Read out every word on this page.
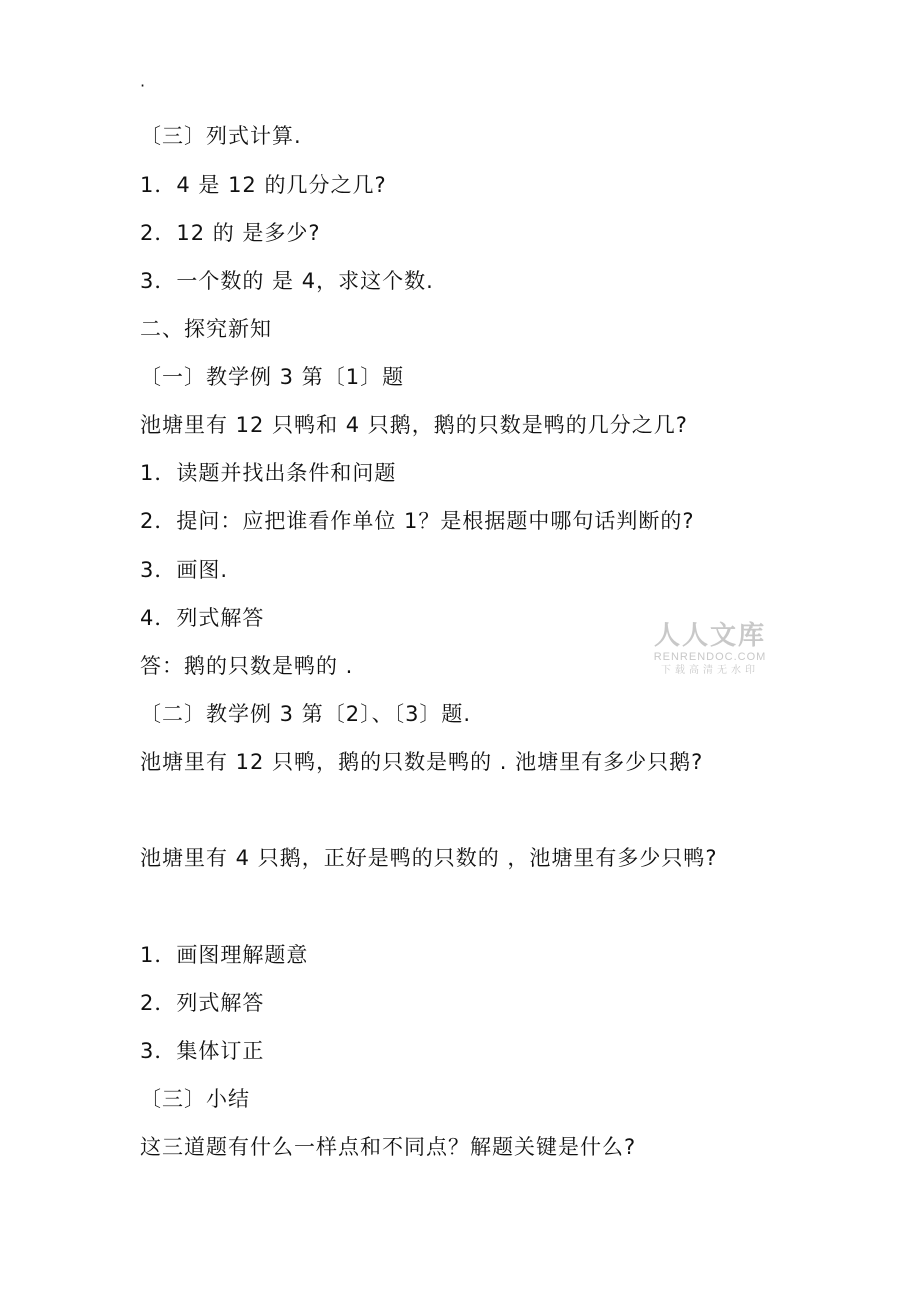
·
〔三〕列式计算.
1．4 是 12 的几分之几?
2．12 的 是多少?
3．一个数的 是 4，求这个数.
二、探究新知
〔一〕教学例 3 第〔1〕题
池塘里有 12 只鸭和 4 只鹅，鹅的只数是鸭的几分之几?
1．读题并找出条件和问题
2．提问：应把谁看作单位 1？是根据题中哪句话判断的?
3．画图.
4．列式解答
答：鹅的只数是鸭的 .
〔二〕教学例 3 第〔2〕、〔3〕题.
池塘里有 12 只鸭，鹅的只数是鸭的 . 池塘里有多少只鹅?
池塘里有 4 只鹅，正好是鸭的只数的 ，池塘里有多少只鸭?
1．画图理解题意
2．列式解答
3．集体订正
〔三〕小结
这三道题有什么一样点和不同点？解题关键是什么?
人人文库
RENRENDOC.COM
下载高清无水印
